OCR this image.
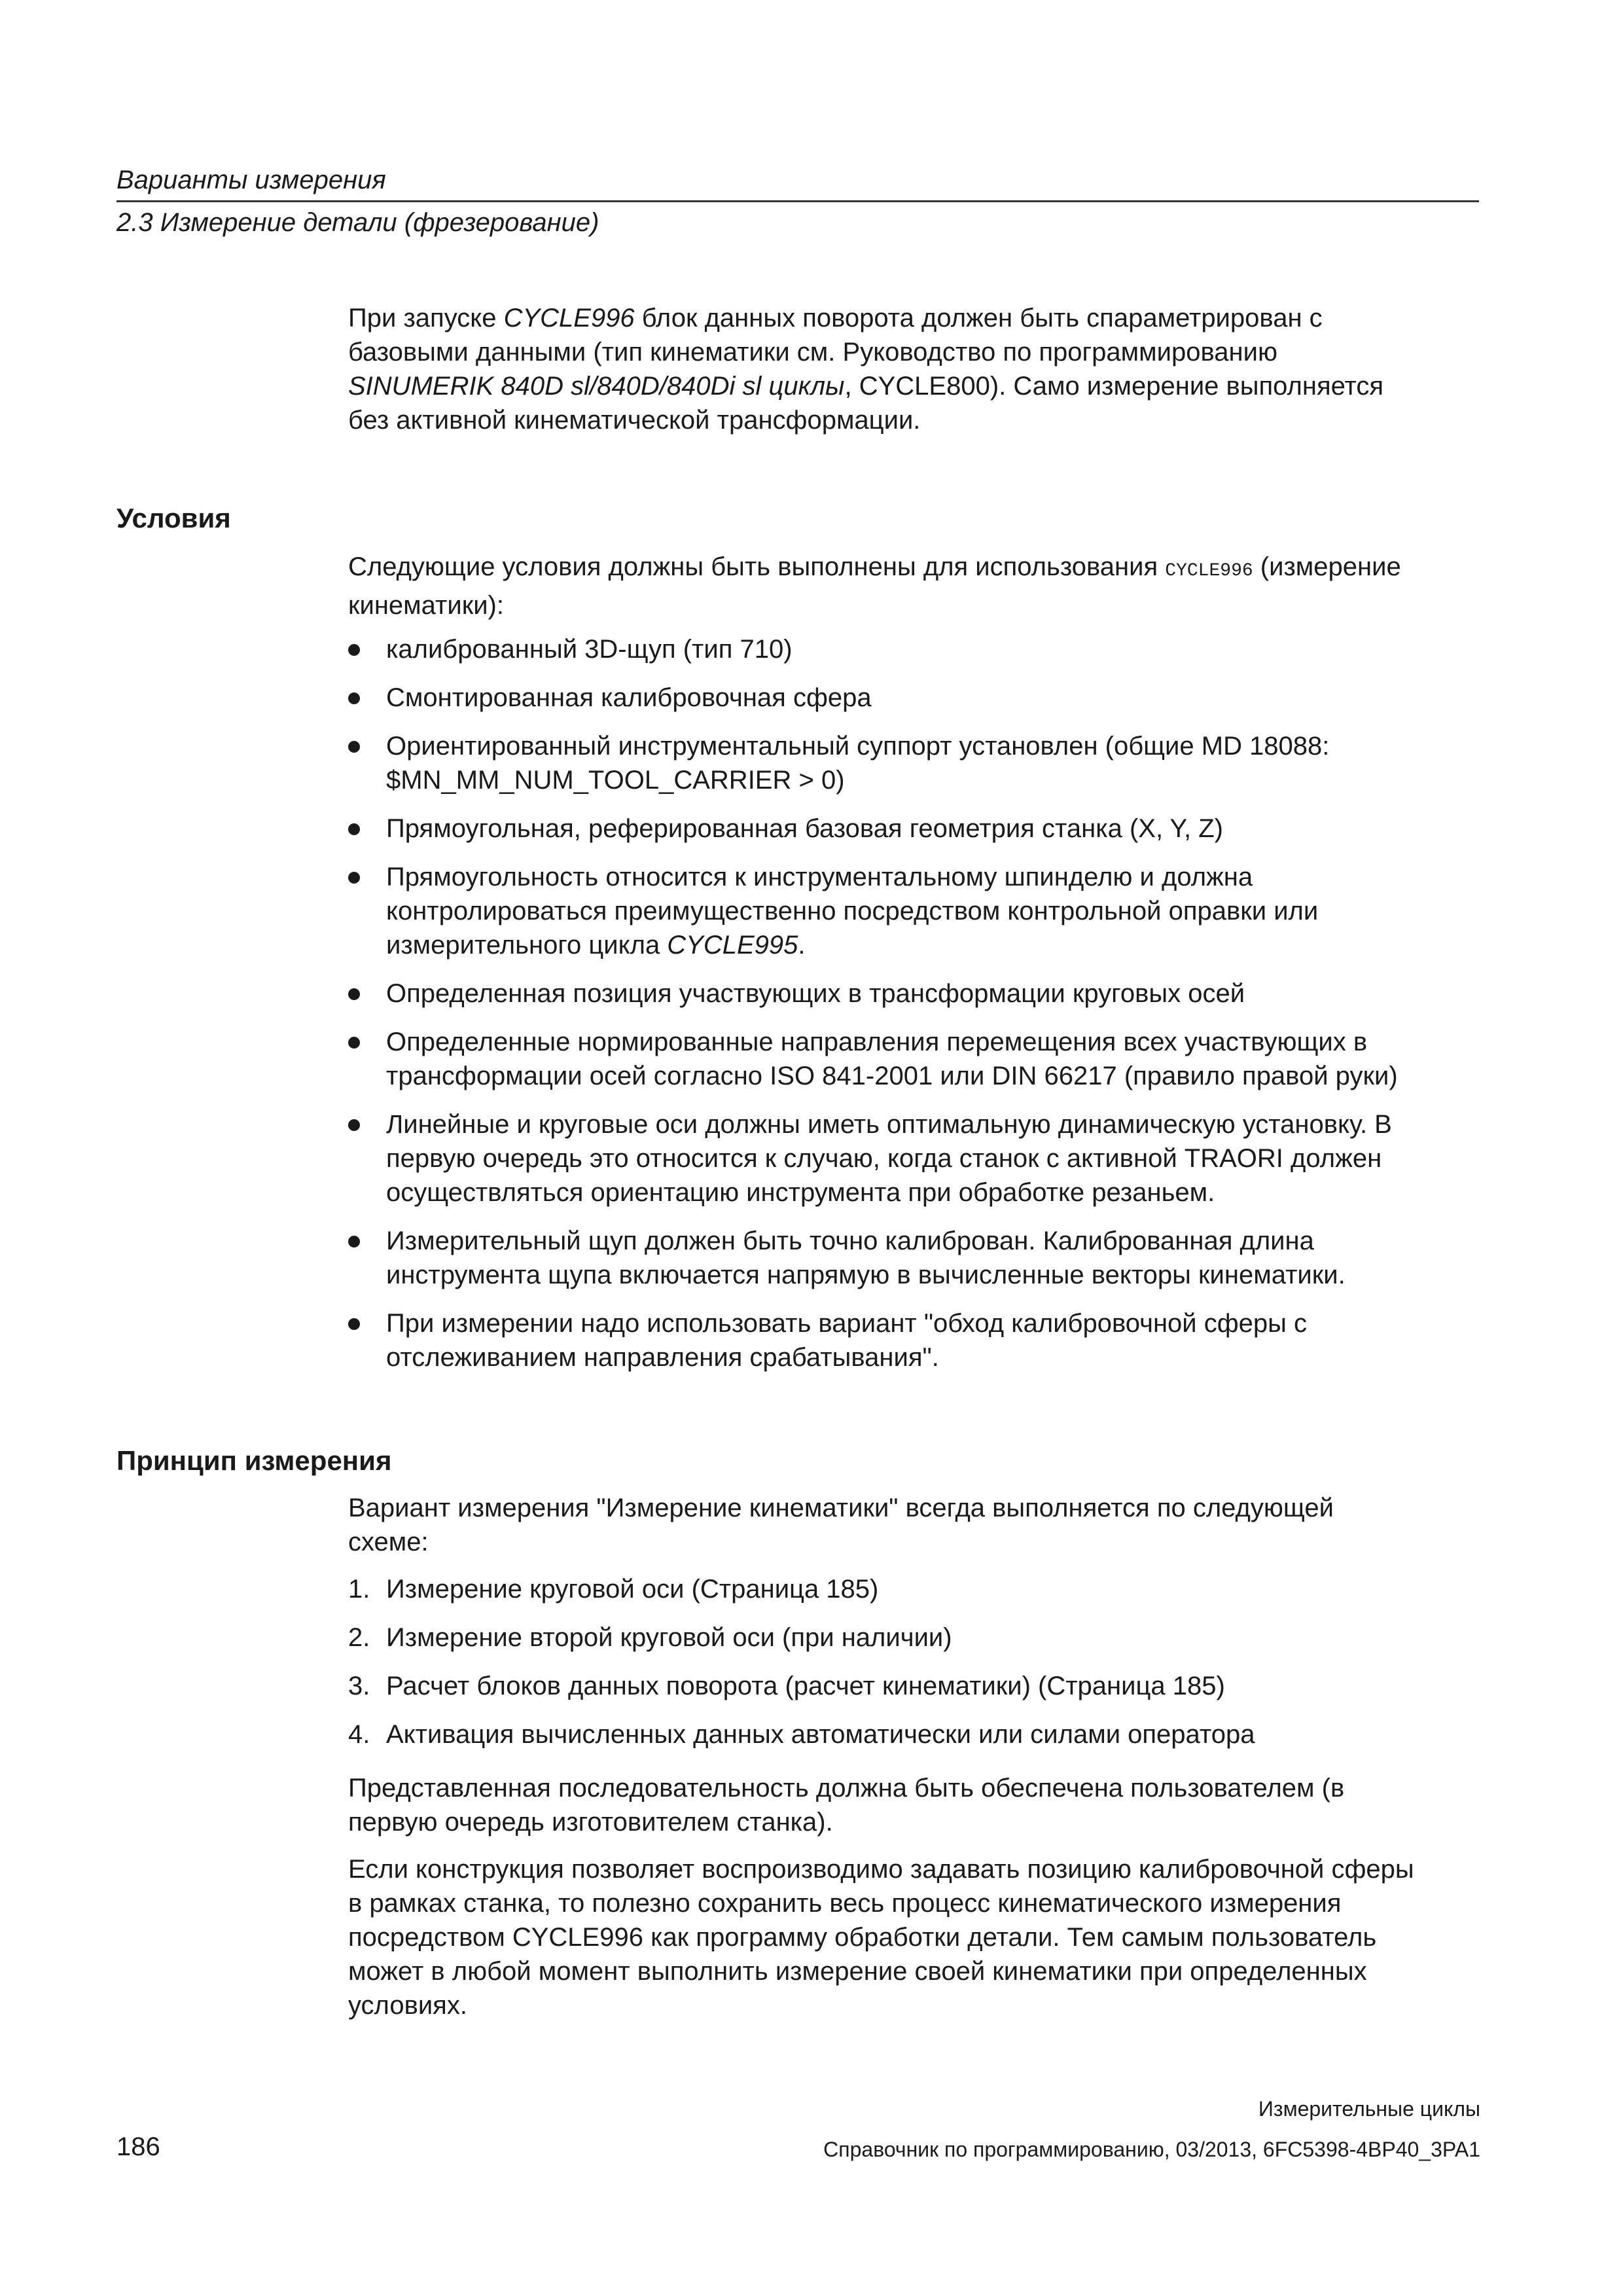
Варианты измерения
2.3 Измерение детали (фрезерование)

При запуске CYCLE996 блок данных поворота должен быть спараметрирован с

базовыми данными (тип кинематики см. Руководство по программированию

SINUMERIK 840D sl/840D/840Di sl циклы, CYCLE800). Само измерение выполняется

без активной кинематической трансформации.

Условия

Следующие условия должны быть выполнены для использования CYCLE996 (измерение

кинематики):

калиброванный 3D-щуп (тип 710)
Смонтированная калибровочная сфера
Ориентированный инструментальный суппорт установлен (общие MD 18088:
$MN_MM_NUM_TOOL_CARRIER > 0)
Прямоугольная, реферированная базовая геометрия станка (X, Y, Z)
Прямоугольность относится к инструментальному шпинделю и должна
контролироваться преимущественно посредством контрольной оправки или
измерительного цикла CYCLE995.
Определенная позиция участвующих в трансформации круговых осей
Определенные нормированные направления перемещения всех участвующих в
трансформации осей согласно ISO 841-2001 или DIN 66217 (правило правой руки)
Линейные и круговые оси должны иметь оптимальную динамическую установку. В
первую очередь это относится к случаю, когда станок с активной TRAORI должен
осуществляться ориентацию инструмента при обработке резаньем.
Измерительный щуп должен быть точно калиброван. Калиброванная длина
инструмента щупа включается напрямую в вычисленные векторы кинематики.
При измерении надо использовать вариант "обход калибровочной сферы с
отслеживанием направления срабатывания".
Принцип измерения

Вариант измерения "Измерение кинематики" всегда выполняется по следующей

схеме:

1. Измерение круговой оси (Страница 185)
2. Измерение второй круговой оси (при наличии)
3. Расчет блоков данных поворота (расчет кинематики) (Страница 185)
4. Активация вычисленных данных автоматически или силами оператора

Представленная последовательность должна быть обеспечена пользователем (в

первую очередь изготовителем станка).

Если конструкция позволяет воспроизводимо задавать позицию калибровочной сферы

в рамках станка, то полезно сохранить весь процесс кинематического измерения

посредством CYCLE996 как программу обработки детали. Тем самым пользователь

может в любой момент выполнить измерение своей кинематики при определенных

условиях.

Измерительные циклы
186	Справочник по программированию, 03/2013, 6FC5398-4BP40_3PA1
